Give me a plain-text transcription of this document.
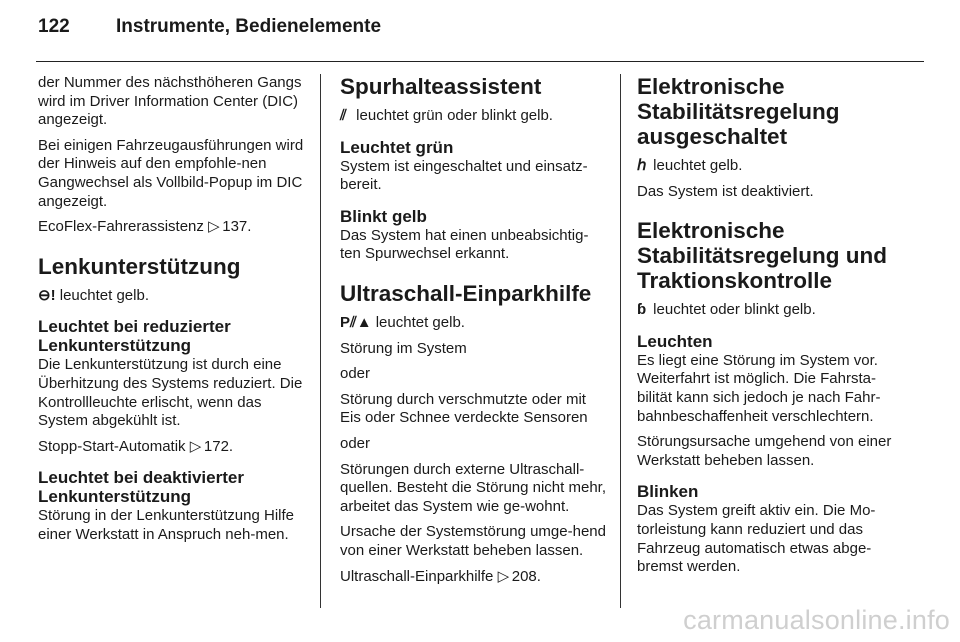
122 Instrumente, Bedienelemente

der Nummer des nächsthöheren Gangs wird im Driver Information Center (DIC) angezeigt.

Bei einigen Fahrzeugausführungen wird der Hinweis auf den empfohle-nen Gangwechsel als Vollbild-Popup im DIC angezeigt.

EcoFlex-Fahrerassistenz ▷ 137.

Lenkunterstützung

⊖! leuchtet gelb.

Leuchtet bei reduzierter Lenkunterstützung

Die Lenkunterstützung ist durch eine Überhitzung des Systems reduziert. Die Kontrollleuchte erlischt, wenn das System abgekühlt ist.

Stopp-Start-Automatik ▷ 172.

Leuchtet bei deaktivierter Lenkunterstützung

Störung in der Lenkunterstützung Hilfe einer Werkstatt in Anspruch neh-men.

Spurhalteassistent

⫽ leuchtet grün oder blinkt gelb.

Leuchtet grün

System ist eingeschaltet und einsatz-bereit.

Blinkt gelb

Das System hat einen unbeabsichtig-ten Spurwechsel erkannt.

Ultraschall-Einparkhilfe

P⫽▲ leuchtet gelb.

Störung im System

oder

Störung durch verschmutzte oder mit Eis oder Schnee verdeckte Sensoren

oder

Störungen durch externe Ultraschall-quellen. Besteht die Störung nicht mehr, arbeitet das System wie ge-wohnt.

Ursache der Systemstörung umge-hend von einer Werkstatt beheben lassen.

Ultraschall-Einparkhilfe ▷ 208.

Elektronische Stabilitätsregelung ausgeschaltet

ℎ leuchtet gelb.

Das System ist deaktiviert.

Elektronische Stabilitätsregelung und Traktionskontrolle

ɓ leuchtet oder blinkt gelb.

Leuchten

Es liegt eine Störung im System vor. Weiterfahrt ist möglich. Die Fahrsta-bilität kann sich jedoch je nach Fahr-bahnbeschaffenheit verschlechtern.

Störungsursache umgehend von einer Werkstatt beheben lassen.

Blinken

Das System greift aktiv ein. Die Mo-torleistung kann reduziert und das Fahrzeug automatisch etwas abge-bremst werden.

carmanualsonline.info
